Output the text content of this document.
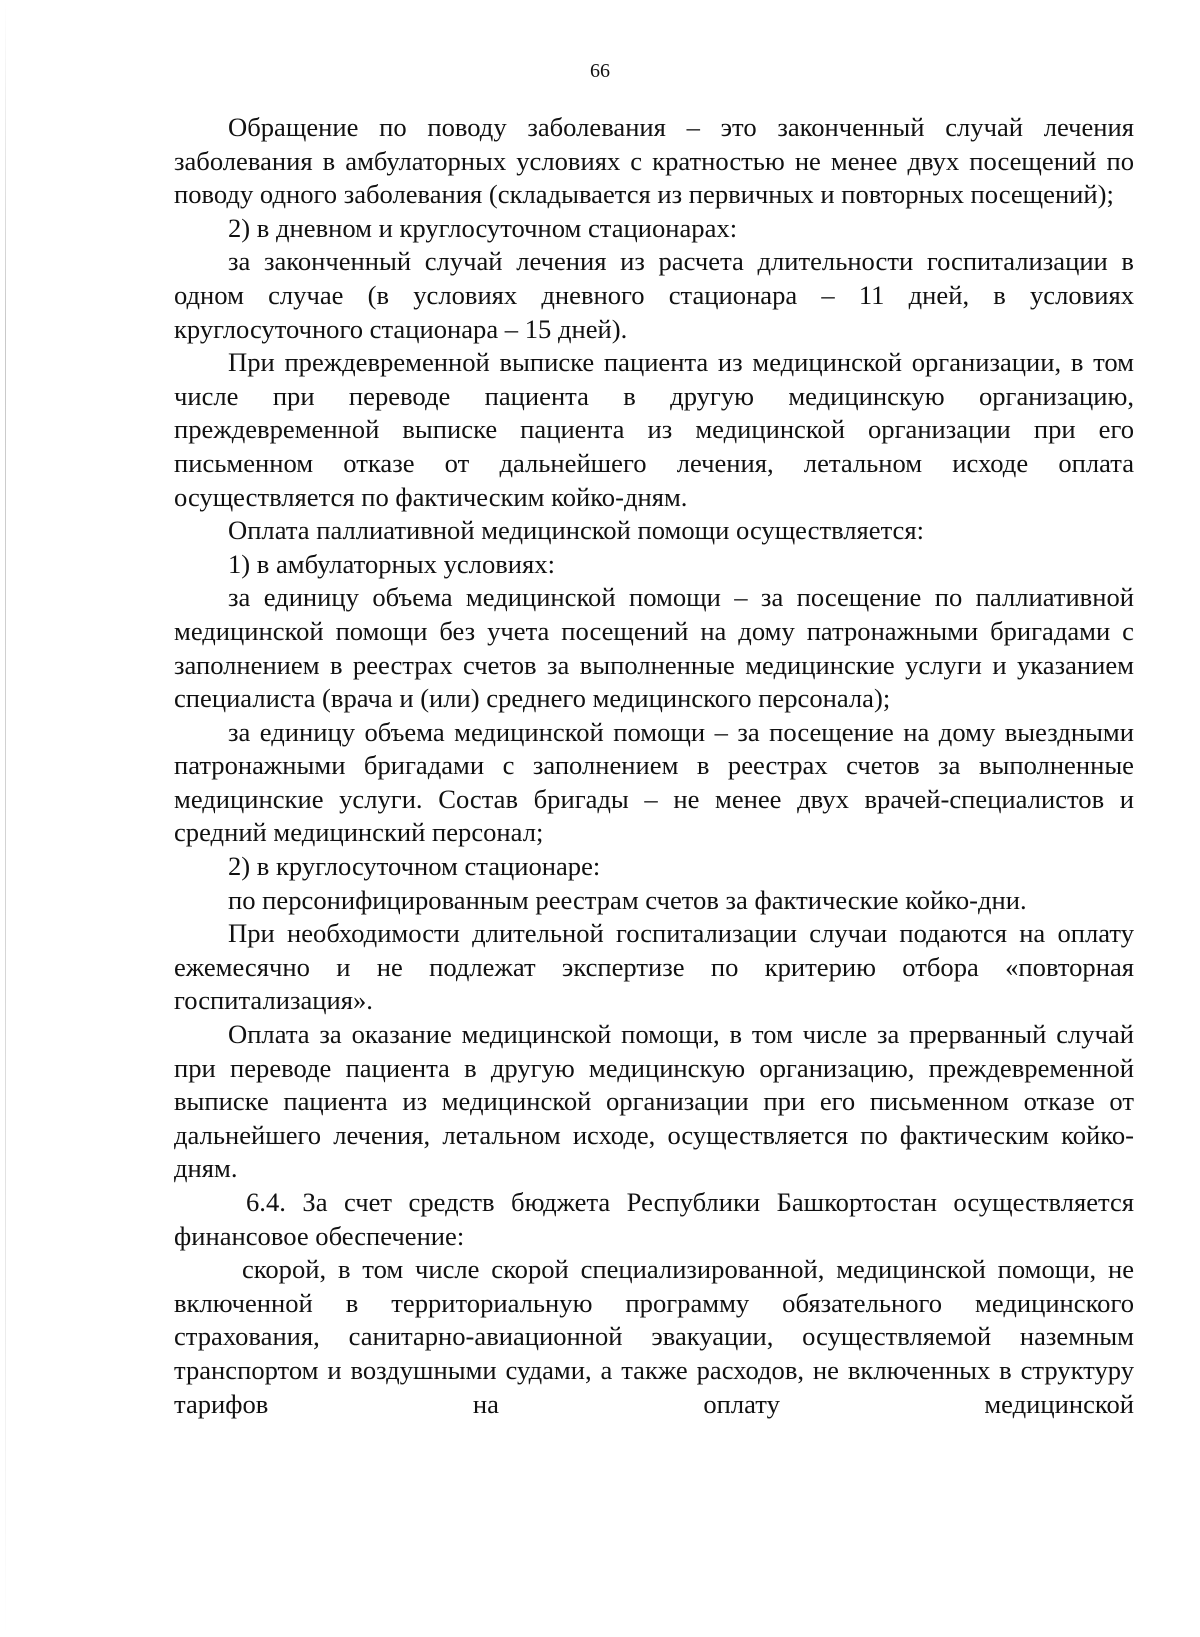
66

Обращение по поводу заболевания – это законченный случай лечения заболевания в амбулаторных условиях с кратностью не менее двух посещений по поводу одного заболевания (складывается из первичных и повторных посещений);

2) в дневном и круглосуточном стационарах:

за законченный случай лечения из расчета длительности госпитализации в одном случае (в условиях дневного стационара – 11 дней, в условиях круглосуточного стационара – 15 дней).

При преждевременной выписке пациента из медицинской организации, в том числе при переводе пациента в другую медицинскую организацию, преждевременной выписке пациента из медицинской организации при его письменном отказе от дальнейшего лечения, летальном исходе оплата осуществляется по фактическим койко-дням.

Оплата паллиативной медицинской помощи осуществляется:

1) в амбулаторных условиях:

за единицу объема медицинской помощи – за посещение по паллиативной медицинской помощи без учета посещений на дому патронажными бригадами с заполнением в реестрах счетов за выполненные медицинские услуги и указанием специалиста (врача и (или) среднего медицинского персонала);

за единицу объема медицинской помощи – за посещение на дому выездными патронажными бригадами с заполнением в реестрах счетов за выполненные медицинские услуги. Состав бригады – не менее двух врачей-специалистов и средний медицинский персонал;

2) в круглосуточном стационаре:

по персонифицированным реестрам счетов за фактические койко-дни.

При необходимости длительной госпитализации случаи подаются на оплату ежемесячно и не подлежат экспертизе по критерию отбора «повторная госпитализация».

Оплата за оказание медицинской помощи, в том числе за прерванный случай при переводе пациента в другую медицинскую организацию, преждевременной выписке пациента из медицинской организации при его письменном отказе от дальнейшего лечения, летальном исходе, осуществляется по фактическим койко-дням.

6.4. За счет средств бюджета Республики Башкортостан осуществляется финансовое обеспечение:

скорой, в том числе скорой специализированной, медицинской помощи, не включенной в территориальную программу обязательного медицинского страхования, санитарно-авиационной эвакуации, осуществляемой наземным транспортом и воздушными судами, а также расходов, не включенных в структуру тарифов на оплату медицинской
